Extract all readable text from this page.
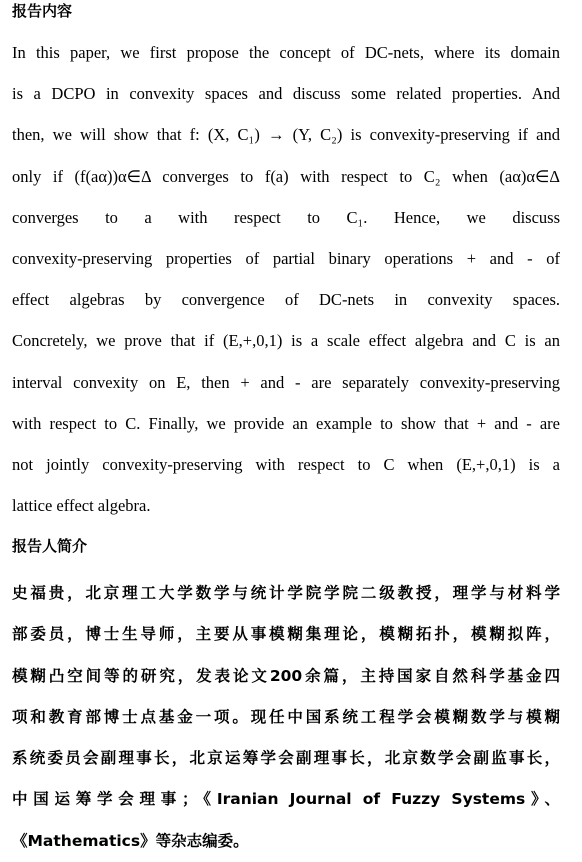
报告内容
In this paper, we first propose the concept of DC-nets, where its domain
is a DCPO in convexity spaces and discuss some related properties. And
then, we will show that f: (X, C₁) → (Y, C₂) is convexity-preserving if and
only if (f(aα))α∈Δ converges to f(a) with respect to C₂ when (aα)α∈Δ
converges to a with respect to C₁. Hence, we discuss
convexity-preserving properties of partial binary operations + and - of
effect algebras by convergence of DC-nets in convexity spaces.
Concretely, we prove that if (E,+,0,1) is a scale effect algebra and C is an
interval convexity on E, then + and - are separately convexity-preserving
with respect to C. Finally, we provide an example to show that + and - are
not jointly convexity-preserving with respect to C when (E,+,0,1) is a
lattice effect algebra.
报告人简介
史福贵，北京理工大学数学与统计学院学院二级教授，理学与材料学
部委员，博士生导师，主要从事模糊集理论，模糊拓扑，模糊拟阵，
模糊凸空间等的研究，发表论文200余篇，主持国家自然科学基金四
项和教育部博士点基金一项。现任中国系统工程学会模糊数学与模糊
系统委员会副理事长，北京运筹学会副理事长，北京数学会副监事长，
中国运筹学会理事；《Iranian Journal of Fuzzy Systems》、
《Mathematics》等杂志编委。
